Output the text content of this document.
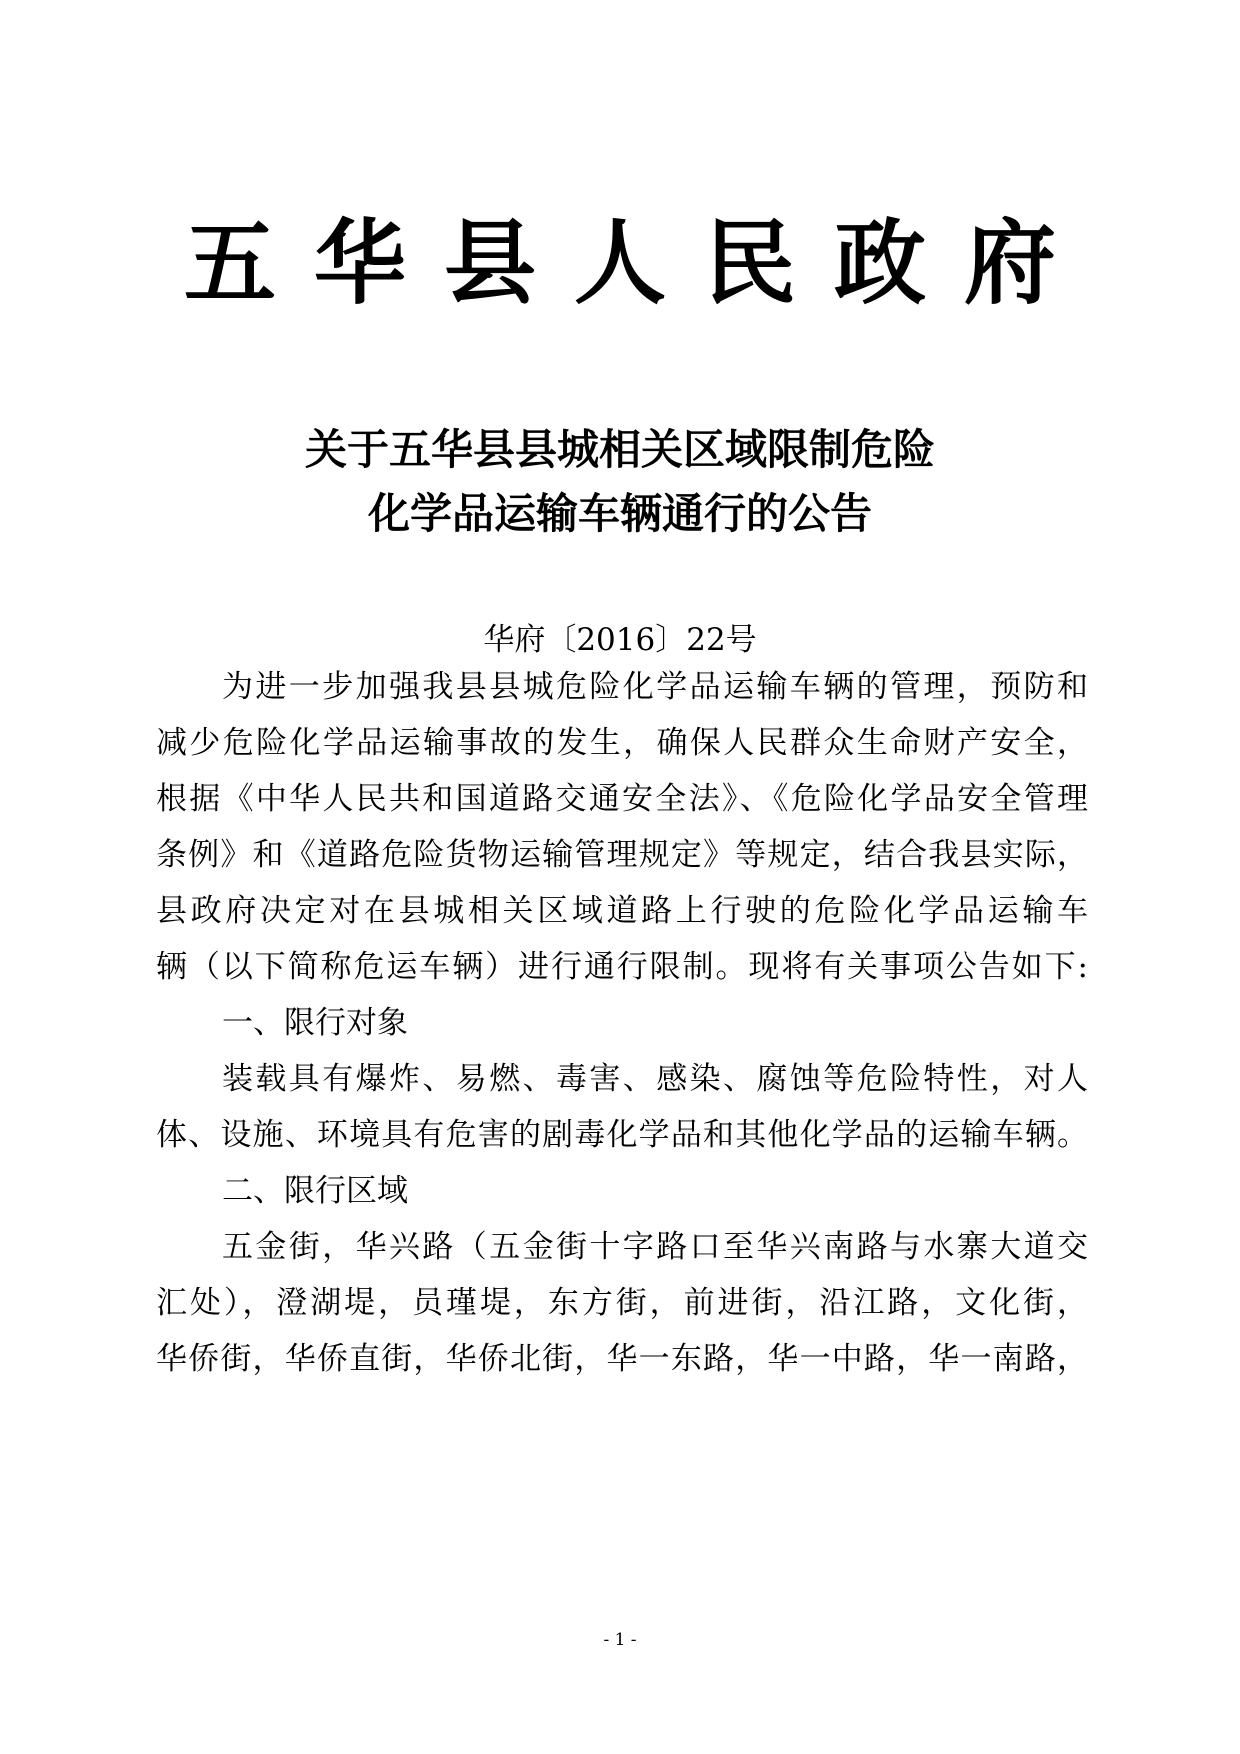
五 华 县 人 民 政 府
关于五华县县城相关区域限制危险
化学品运输车辆通行的公告
华府〔2016〕22号
为进一步加强我县县城危险化学品运输车辆的管理，预防和
减少危险化学品运输事故的发生，确保人民群众生命财产安全，
根据《中华人民共和国道路交通安全法》、《危险化学品安全管理
条例》和《道路危险货物运输管理规定》等规定，结合我县实际，
县政府决定对在县城相关区域道路上行驶的危险化学品运输车
辆（以下简称危运车辆）进行通行限制。现将有关事项公告如下:
一、限行对象
装载具有爆炸、易燃、毒害、感染、腐蚀等危险特性，对人
体、设施、环境具有危害的剧毒化学品和其他化学品的运输车辆。
二、限行区域
五金街，华兴路（五金街十字路口至华兴南路与水寨大道交
汇处），澄湖堤，员瑾堤，东方街，前进街，沿江路，文化街，
华侨街，华侨直街，华侨北街，华一东路，华一中路，华一南路，
- 1 -
